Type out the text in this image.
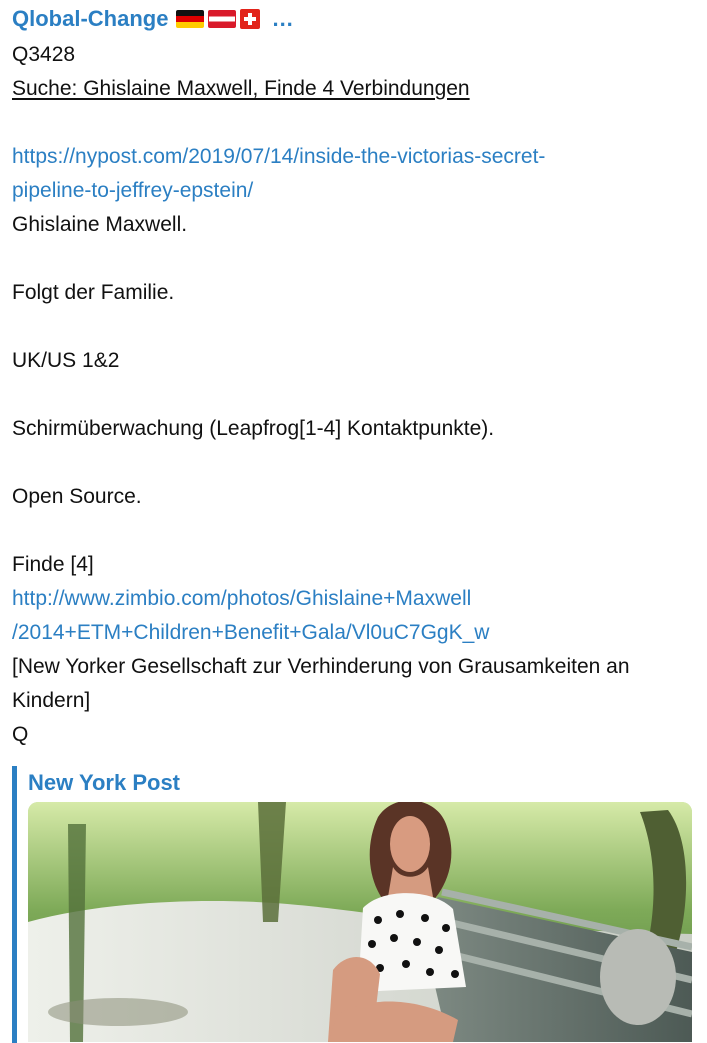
Qlobal-Change	...
Q3428
Suche: Ghislaine Maxwell, Finde 4 Verbindungen
https://nypost.com/2019/07/14/inside-the-victorias-secret-
pipeline-to-jeffrey-epstein/
Ghislaine Maxwell.
Folgt der Familie.
UK/US 1&2
Schirmüberwachung (Leapfrog[1-4] Kontaktpunkte).
Open Source.
Finde [4]
http://www.zimbio.com/photos/Ghislaine+Maxwell
/2014+ETM+Children+Benefit+Gala/Vl0uC7GgK_w
[New Yorker Gesellschaft zur Verhinderung von Grausamkeiten an
Kindern]
Q
New York Post
